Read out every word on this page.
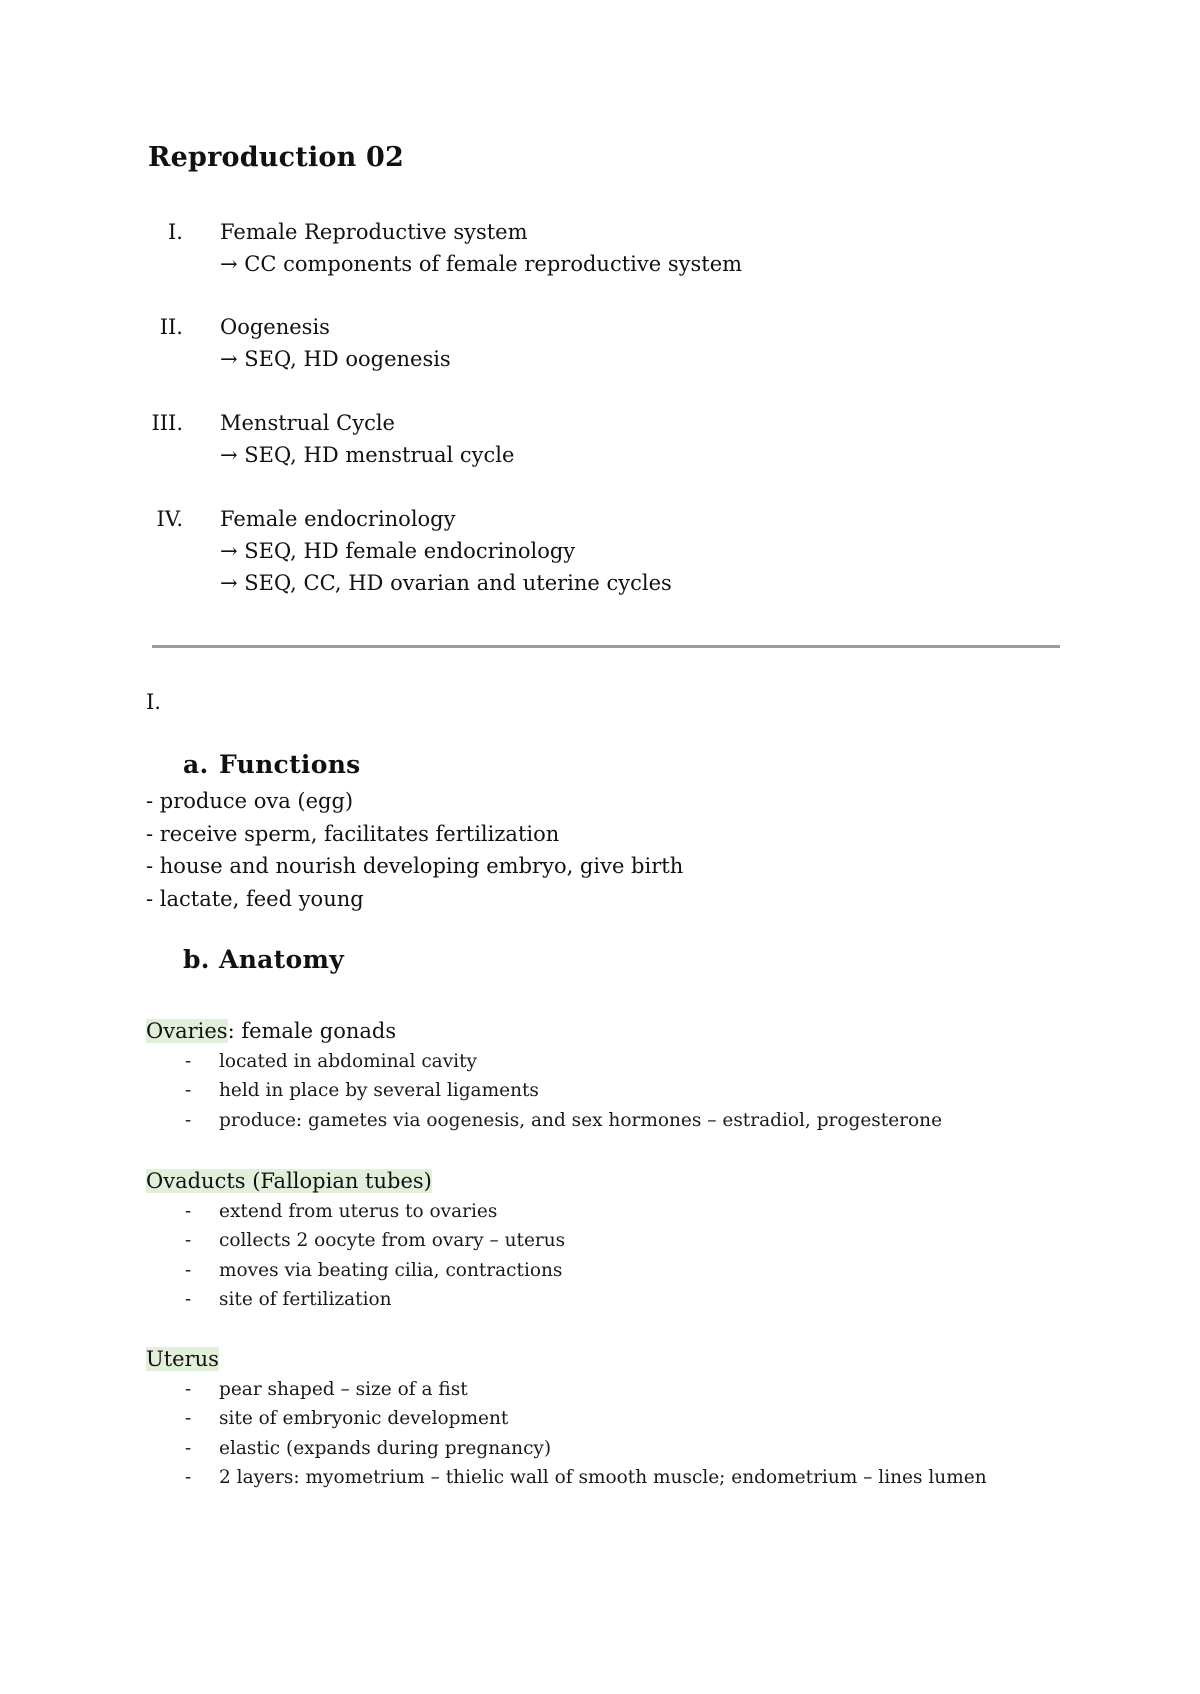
Reproduction 02
I. Female Reproductive system
→ CC components of female reproductive system
II. Oogenesis
→ SEQ, HD oogenesis
III. Menstrual Cycle
→ SEQ, HD menstrual cycle
IV. Female endocrinology
→ SEQ, HD female endocrinology
→ SEQ, CC, HD ovarian and uterine cycles
I.
a. Functions
- produce ova (egg)
- receive sperm, facilitates fertilization
- house and nourish developing embryo, give birth
- lactate, feed young
b. Anatomy
Ovaries: female gonads
- located in abdominal cavity
- held in place by several ligaments
- produce: gametes via oogenesis, and sex hormones – estradiol, progesterone
Ovaducts (Fallopian tubes)
- extend from uterus to ovaries
- collects 2 oocyte from ovary – uterus
- moves via beating cilia, contractions
- site of fertilization
Uterus
- pear shaped – size of a fist
- site of embryonic development
- elastic (expands during pregnancy)
- 2 layers: myometrium – thielic wall of smooth muscle; endometrium – lines lumen
